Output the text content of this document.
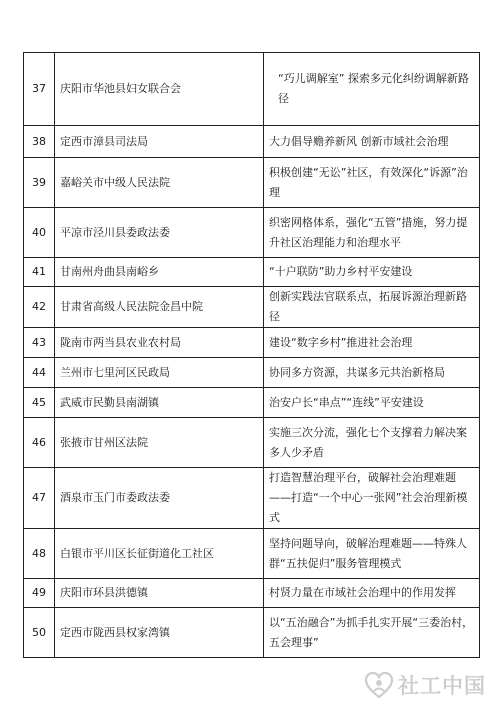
37	庆阳市华池县妇女联合会	“巧儿调解室” 探索多元化纠纷调解新路径
38	定西市漳县司法局	大力倡导赡养新风 创新市域社会治理
39	嘉峪关市中级人民法院	积极创建“无讼”社区，有效深化“诉源”治理
40	平凉市泾川县委政法委	织密网格体系，强化“五管”措施，努力提升社区治理能力和治理水平
41	甘南州舟曲县南峪乡	“十户联防”助力乡村平安建设
42	甘肃省高级人民法院金昌中院	创新实践法官联系点，拓展诉源治理新路径
43	陇南市两当县农业农村局	建设“数字乡村”推进社会治理
44	兰州市七里河区民政局	协同多方资源，共谋多元共治新格局
45	武威市民勤县南湖镇	治安户长“串点”“连线”平安建设
46	张掖市甘州区法院	实施三次分流，强化七个支撑着力解决案多人少矛盾
47	酒泉市玉门市委政法委	打造智慧治理平台，破解社会治理难题——打造“一个中心一张网”社会治理新模式
48	白银市平川区长征街道化工社区	坚持问题导向，破解治理难题——特殊人群“五扶促归”服务管理模式
49	庆阳市环县洪德镇	村贤力量在市域社会治理中的作用发挥
50	定西市陇西县权家湾镇	以“五治融合”为抓手扎实开展“三委治村，五会理事”
社工中国
